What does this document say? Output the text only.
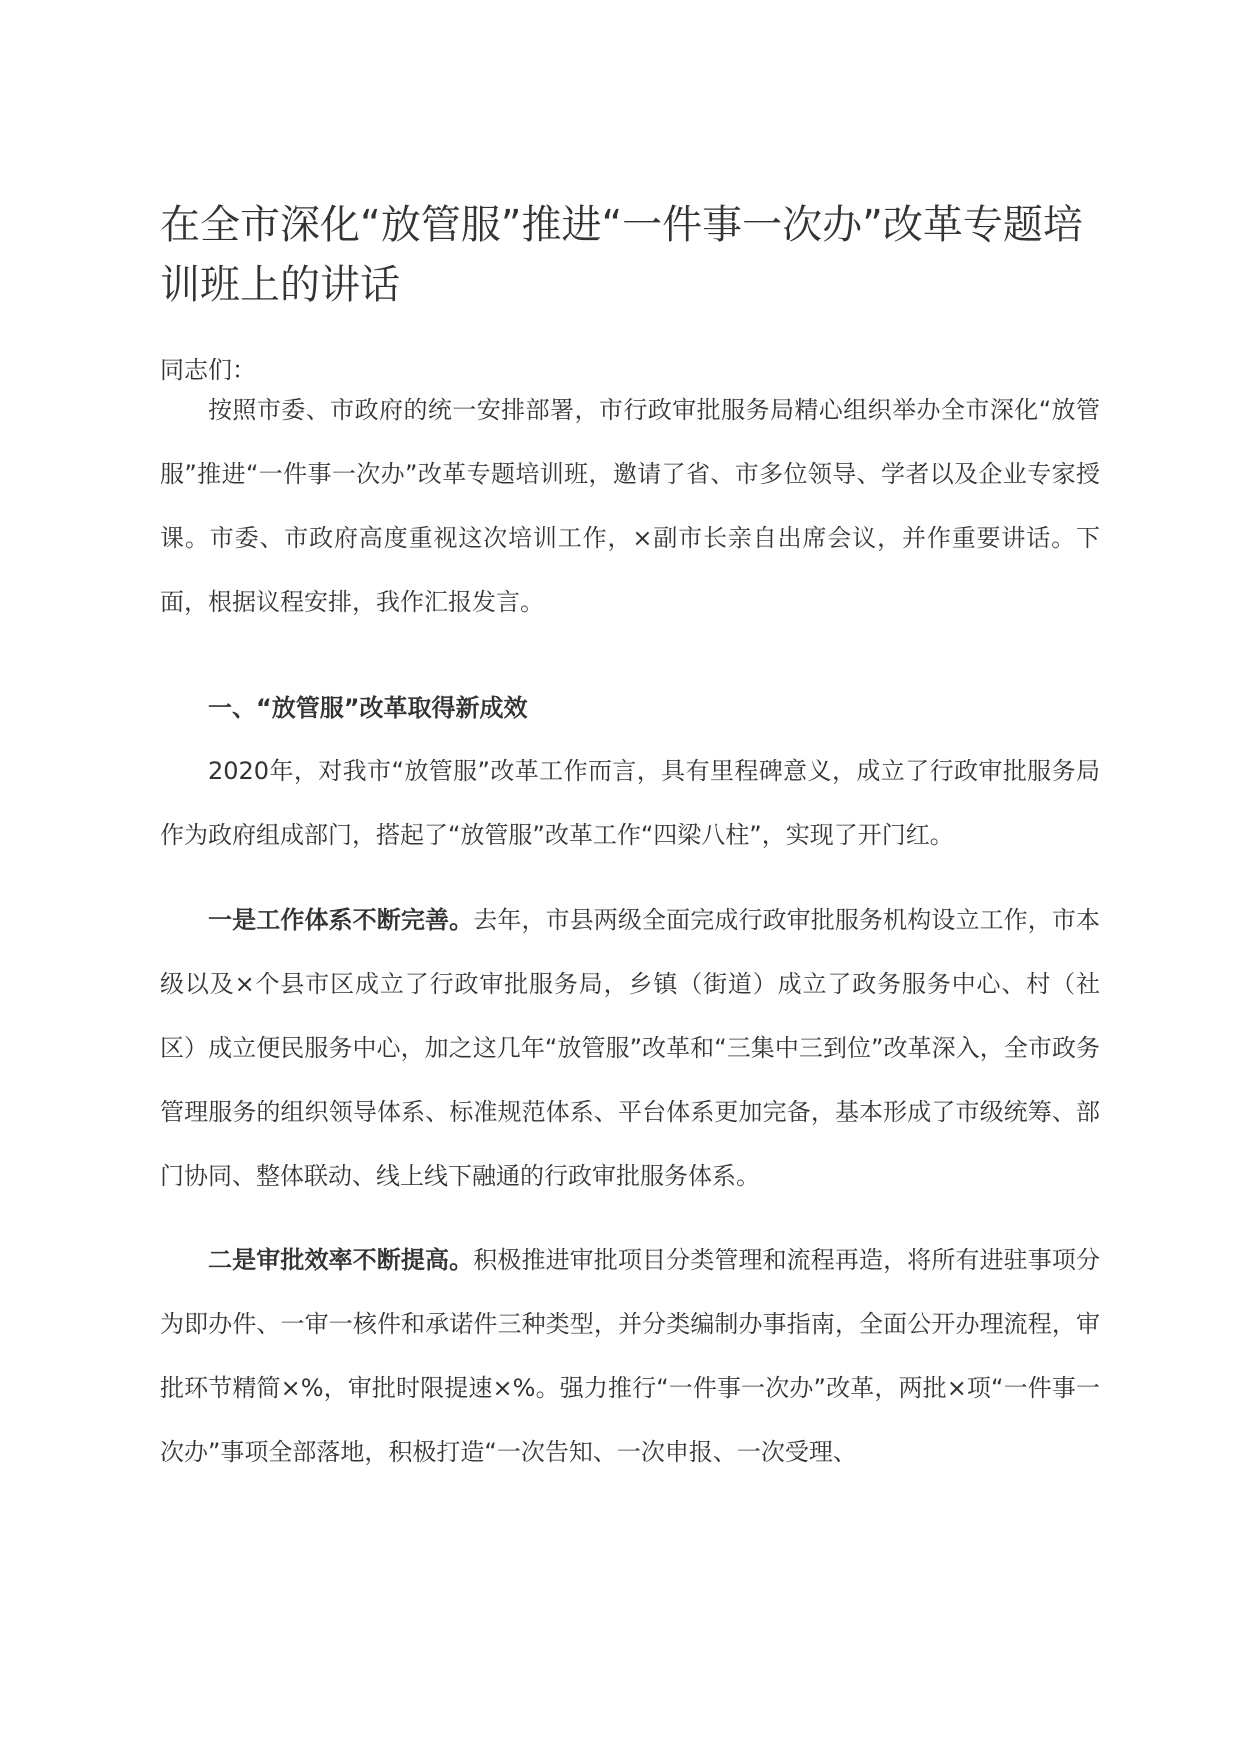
在全市深化“放管服”推进“一件事一次办”改革专题培训班上的讲话

同志们：

按照市委、市政府的统一安排部署，市行政审批服务局精心组织举办全市深化“放管服”推进“一件事一次办”改革专题培训班，邀请了省、市多位领导、学者以及企业专家授课。市委、市政府高度重视这次培训工作，×副市长亲自出席会议，并作重要讲话。下面，根据议程安排，我作汇报发言。

一、“放管服”改革取得新成效

2020年，对我市“放管服”改革工作而言，具有里程碑意义，成立了行政审批服务局作为政府组成部门，搭起了“放管服”改革工作“四梁八柱”，实现了开门红。

一是工作体系不断完善。去年，市县两级全面完成行政审批服务机构设立工作，市本级以及×个县市区成立了行政审批服务局，乡镇（街道）成立了政务服务中心、村（社区）成立便民服务中心，加之这几年“放管服”改革和“三集中三到位”改革深入，全市政务管理服务的组织领导体系、标准规范体系、平台体系更加完备，基本形成了市级统筹、部门协同、整体联动、线上线下融通的行政审批服务体系。

二是审批效率不断提高。积极推进审批项目分类管理和流程再造，将所有进驻事项分为即办件、一审一核件和承诺件三种类型，并分类编制办事指南，全面公开办理流程，审批环节精简×%，审批时限提速×%。强力推行“一件事一次办”改革，两批×项“一件事一次办”事项全部落地，积极打造“一次告知、一次申报、一次受理、
